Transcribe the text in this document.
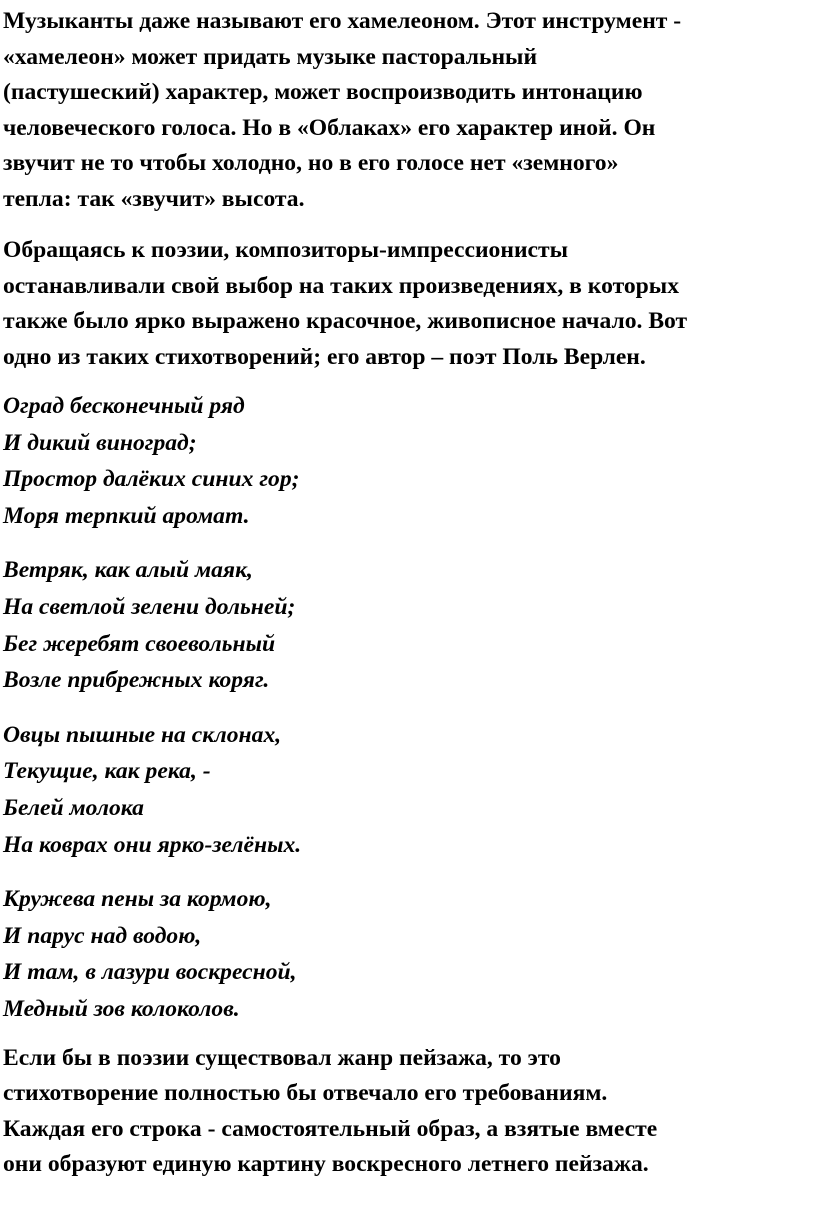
Музыканты даже называют его хамелеоном. Этот инструмент -
«хамелеон» может придать музыке пасторальный
(пастушеский) характер, может воспроизводить интонацию
человеческого голоса. Но в «Облаках» его характер иной. Он
звучит не то чтобы холодно, но в его голосе нет «земного»
тепла: так «звучит» высота.
Обращаясь к поэзии, композиторы-импрессионисты
останавливали свой выбор на таких произведениях, в которых
также было ярко выражено красочное, живописное начало. Вот
одно из таких стихотворений; его автор – поэт Поль Верлен.
Оград бесконечный ряд
И дикий виноград;
Простор далёких синих гор;
Моря терпкий аромат.
Ветряк, как алый маяк,
На светлой зелени дольней;
Бег жеребят своевольный
Возле прибрежных коряг.
Овцы пышные на склонах,
Текущие, как река, -
Белей молока
На коврах они ярко-зелёных.
Кружева пены за кормою,
И парус над водою,
И там, в лазури воскресной,
Медный зов колоколов.
Если бы в поэзии существовал жанр пейзажа, то это
стихотворение полностью бы отвечало его требованиям.
Каждая его строка - самостоятельный образ, а взятые вместе
они образуют единую картину воскресного летнего пейзажа.
